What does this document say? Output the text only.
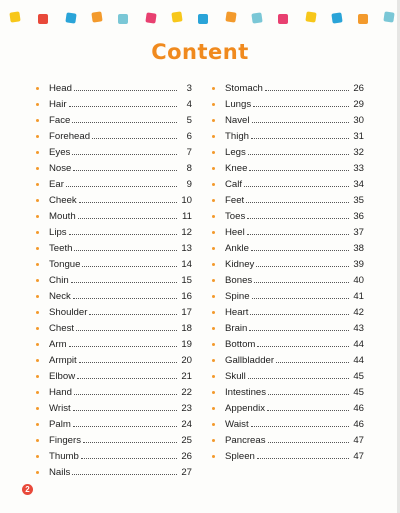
Content
Head	3
Hair	4
Face	5
Forehead	6
Eyes	7
Nose	8
Ear	9
Cheek	10
Mouth	11
Lips	12
Teeth	13
Tongue	14
Chin	15
Neck	16
Shoulder	17
Chest	18
Arm	19
Armpit	20
Elbow	21
Hand	22
Wrist	23
Palm	24
Fingers	25
Thumb	26
Nails	27
Stomach	26
Lungs	29
Navel	30
Thigh	31
Legs	32
Knee	33
Calf	34
Feet	35
Toes	36
Heel	37
Ankle	38
Kidney	39
Bones	40
Spine	41
Heart	42
Brain	43
Bottom	44
Gallbladder	44
Skull	45
Intestines	45
Appendix	46
Waist	46
Pancreas	47
Spleen	47
2
